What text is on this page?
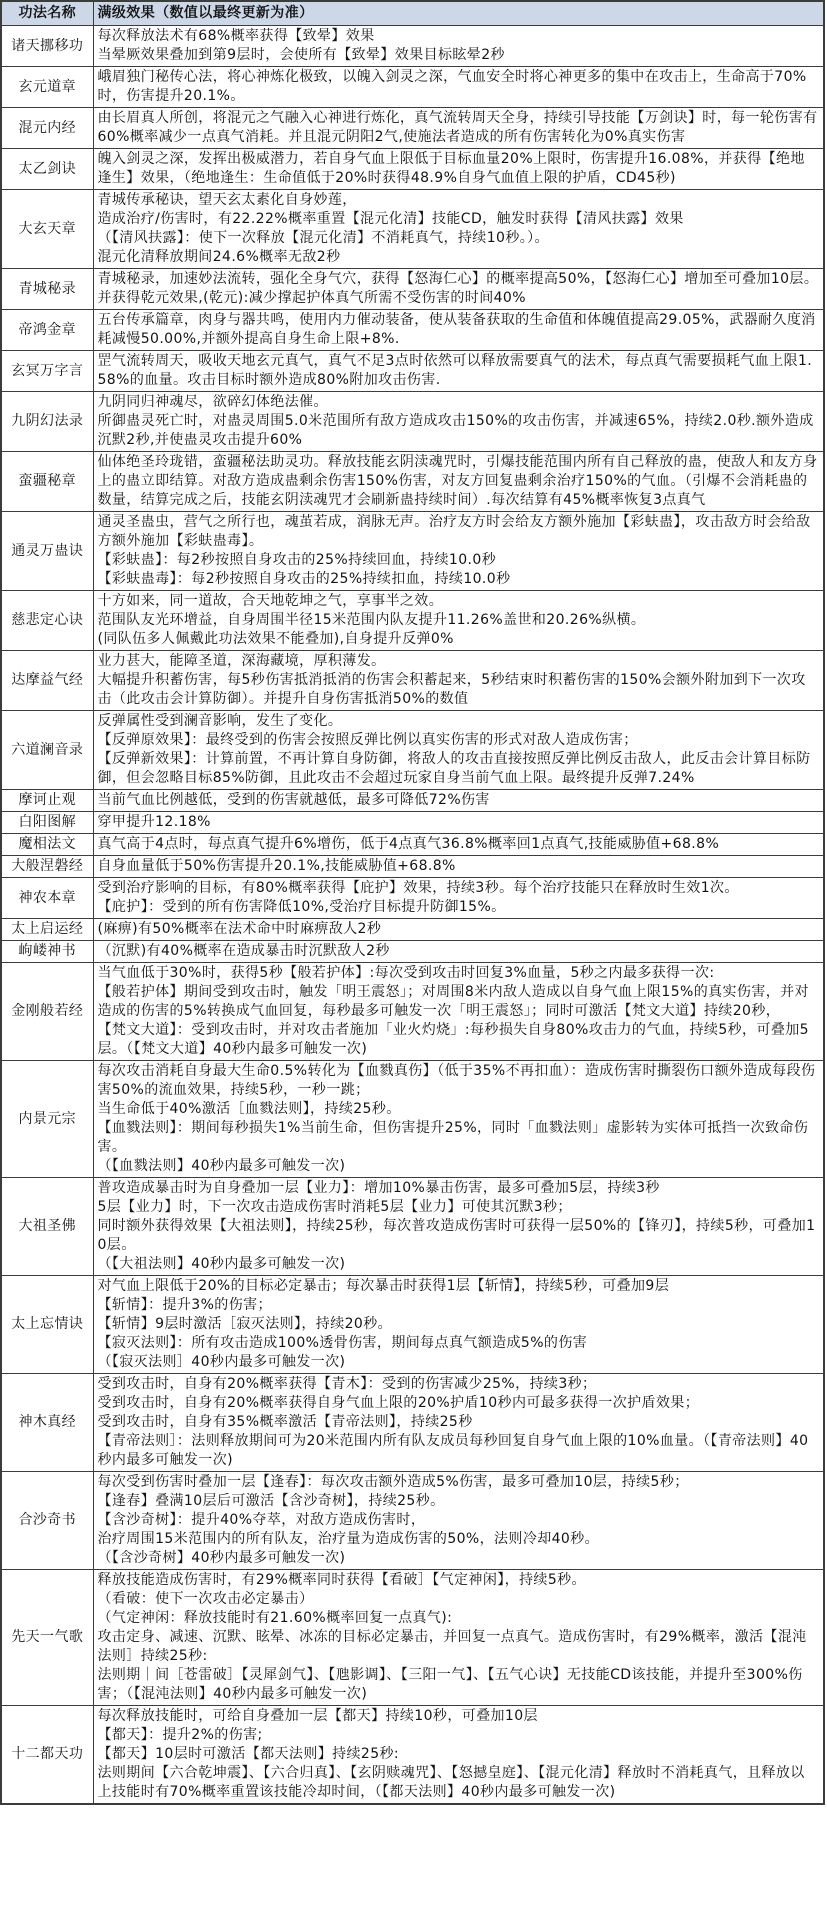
功法名称	满级效果（数值以最终更新为准）
诸天挪移功	每次释放法术有68%概率获得【致晕】效果
当晕厥效果叠加到第9层时，会使所有【致晕】效果目标眩晕2秒

玄元道章	峨眉独门秘传心法，将心神炼化极致，以魄入剑灵之深，气血安全时将心神更多的集中在攻击上，生命高于70%时，伤害提升20.1%。

混元内经	由长眉真人所创，将混元之气融入心神进行炼化，真气流转周天全身，持续引导技能【万剑诀】时，每一轮伤害有60%概率减少一点真气消耗。并且混元阴阳2气,使施法者造成的所有伤害转化为0%真实伤害

太乙剑诀	魄入剑灵之深，发挥出极威潜力，若自身气血上限低于目标血量20%上限时，伤害提升16.08%，并获得【绝地逢生】效果，（绝地逢生：生命值低于20%时获得48.9%自身气血值上限的护盾，CD45秒)

大玄天章	青城传承秘诀，望天玄太素化自身妙莲，
造成治疗/伤害时，有22.22%概率重置【混元化清】技能CD，触发时获得【清风扶露】效果
（【清风扶露】：使下一次释放【混元化清】不消耗真气，持续10秒。）。
混元化清释放期间24.6%概率无敌2秒

青城秘录	青城秘录，加速妙法流转，强化全身气穴，获得【怒海仁心】的概率提高50%，【怒海仁心】增加至可叠加10层。并获得乾元效果,(乾元):减少撑起护体真气所需不受伤害的时间40%

帝鸿金章	五台传承篇章，肉身与器共鸣，使用内力催动装备，使从装备获取的生命值和体魄值提高29.05%，武器耐久度消耗减慢50.00%,并额外提高自身生命上限+8%.

玄冥万字言	罡气流转周天，吸收天地玄元真气，真气不足3点时依然可以释放需要真气的法术，每点真气需要损耗气血上限1.58%的血量。攻击目标时额外造成80%附加攻击伤害.

九阴幻法录	九阴同归神魂尽，欲碎幻体绝法催。
所御蛊灵死亡时，对蛊灵周围5.0米范围所有敌方造成攻击150%的攻击伤害，并减速65%，持续2.0秒.额外造成沉默2秒,并使蛊灵攻击提升60%

蛮疆秘章	仙体绝圣玲珑错，蛮疆秘法助灵功。释放技能玄阴渎魂咒时，引爆技能范围内所有自己释放的蛊，使敌人和友方身上的蛊立即结算。对敌方造成蛊剩余伤害150%伤害，对友方回复蛊剩余治疗150%的气血。（引爆不会消耗蛊的数量，结算完成之后，技能玄阴渎魂咒才会刷新蛊持续时间）.每次结算有45%概率恢复3点真气

通灵万蛊诀	通灵圣蛊虫，营气之所行也，魂茧若成，润脉无声。治疗友方时会给友方额外施加【彩蚨蛊】，攻击敌方时会给敌方额外施加【彩蚨蛊毒】。
【彩蚨蛊】：每2秒按照自身攻击的25%持续回血，持续10.0秒
【彩蚨蛊毒】：每2秒按照自身攻击的25%持续扣血，持续10.0秒

慈悲定心诀	十方如来，同一道故，合天地乾坤之气，享事半之效。
范围队友光环增益，自身周围半径15米范围内队友提升11.26%盖世和20.26%纵横。
(同队伍多人佩戴此功法效果不能叠加),自身提升反弹0%

达摩益气经	业力甚大，能障圣道，深海藏境，厚积薄发。
大幅提升积蓄伤害，每5秒伤害抵消抵消的伤害会积蓄起来，5秒结束时积蓄伤害的150%会额外附加到下一次攻击（此攻击会计算防御）。并提升自身伤害抵消50%的数值

六道澜音录	反弹属性受到澜音影响，发生了变化。
【反弹原效果】：最终受到的伤害会按照反弹比例以真实伤害的形式对敌人造成伤害；
【反弹新效果】：计算前置，不再计算自身防御，将敌人的攻击直接按照反弹比例反击敌人，此反击会计算目标防御，但会忽略目标85%防御，且此攻击不会超过玩家自身当前气血上限。最终提升反弹7.24%

摩诃止观	当前气血比例越低，受到的伤害就越低，最多可降低72%伤害

白阳图解	穿甲提升12.18%

魔相法文	真气高于4点时，每点真气提升6%增伤，低于4点真气36.8%概率回1点真气,技能威胁值+68.8%

大般涅磐经	自身血量低于50%伤害提升20.1%,技能威胁值+68.8%

神农本章	受到治疗影响的目标，有80%概率获得【庇护】效果，持续3秒。每个治疗技能只在释放时生效1次。
【庇护】：受到的所有伤害降低10%,受治疗目标提升防御15%。

太上启运经	(麻痹)有50%概率在法术命中时麻痹敌人2秒

岣嵝神书	（沉默)有40%概率在造成暴击时沉默敌人2秒

金刚般若经	当气血低于30%时，获得5秒【般若护体】:每次受到攻击时回复3%血量，5秒之内最多获得一次:
【般若护体】期间受到攻击时，触发「明王震怒」；对周围8米内敌人造成以自身气血上限15%的真实伤害，并对造成的伤害的5%转换成气血回复，每秒最多可触发一次「明王震怒」；同时可激活【梵文大道】持续20秒，
【梵文大道】：受到攻击时，并对攻击者施加「业火灼烧」:每秒损失自身80%攻击力的气血，持续5秒，可叠加5层。（【梵文大道】40秒内最多可触发一次)

内景元宗	每次攻击消耗自身最大生命0.5%转化为【血戮真伤】（低于35%不再扣血）：造成伤害时撕裂伤口额外造成每段伤害50%的流血效果，持续5秒，一秒一跳；
当生命低于40%激活［血戮法则】，持续25秒。
【血戮法则】：期间每秒损失1%当前生命，但伤害提升25%，同时「血戮法则」虚影转为实体可抵挡一次致命伤害。
（【血戮法则】40秒内最多可触发一次)

大祖圣佛	普攻造成暴击时为自身叠加一层【业力】：增加10%暴击伤害，最多可叠加5层，持续3秒
5层【业力】时，下一次攻击造成伤害时消耗5层【业力】可使其沉默3秒；
同时额外获得效果【大祖法则】，持续25秒，每次普攻造成伤害时可获得一层50%的【锋刃】，持续5秒，可叠加10层。
（【大祖法则】40秒内最多可触发一次)

太上忘情诀	对气血上限低于20%的目标必定暴击；每次暴击时获得1层【斩情】，持续5秒，可叠加9层
【斩情】：提升3%的伤害；
【斩情】9层时激活［寂灭法则】，持续20秒。
【寂灭法则】：所有攻击造成100%透骨伤害，期间每点真气额造成5%的伤害
（【寂灭法则］40秒内最多可触发一次)

神木真经	受到攻击时，自身有20%概率获得【青木】：受到的伤害减少25%，持续3秒；
受到攻击时，自身有20%概率获得自身气血上限的20%护盾10秒内可最多获得一次护盾效果；
受到攻击时，自身有35%概率激活【青帝法则】，持续25秒
【青帝法则］：法则释放期间可为20米范围内所有队友成员每秒回复自身气血上限的10%血量。（【青帝法则】40秒内最多可触发一次)

合沙奇书	每次受到伤害时叠加一层【逢春】：每次攻击额外造成5%伤害，最多可叠加10层，持续5秒；
【逢春】叠满10层后可激活【含沙奇树】，持续25秒。
【含沙奇树】：提升40%夺萃，对敌方造成伤害时，
治疗周围15米范围内的所有队友，治疗量为造成伤害的50%，法则冷却40秒。
（【含沙奇树】40秒内最多可触发一次)

先天一气歌	释放技能造成伤害时，有29%概率同时获得【看破］【气定神闲】，持续5秒。
（看破：使下一次攻击必定暴击）
（气定神闲：释放技能时有21.60%概率回复一点真气):
攻击定身、减速、沉默、眩晕、冰冻的目标必定暴击，并回复一点真气。造成伤害时，有29%概率，激活【混沌法则］持续25秒:
法则期｜间［苍雷破］【灵犀剑气】、【虺影调】、【三阳一气】、【五气心诀】无技能CD该技能，并提升至300%伤害；（【混沌法则】40秒内最多可触发一次)

十二都天功	每次释放技能时，可给自身叠加一层【都天】持续10秒，可叠加10层
【都天】：提升2%的伤害;
【都天】10层时可激活【都天法则】持续25秒:
法则期间【六合乾坤震】、【六合归真】、【玄阴赎魂咒】、【怒撼皇庭】、【混元化清】释放时不消耗真气，且释放以上技能时有70%概率重置该技能冷却时间，（【都天法则】40秒内最多可触发一次)
